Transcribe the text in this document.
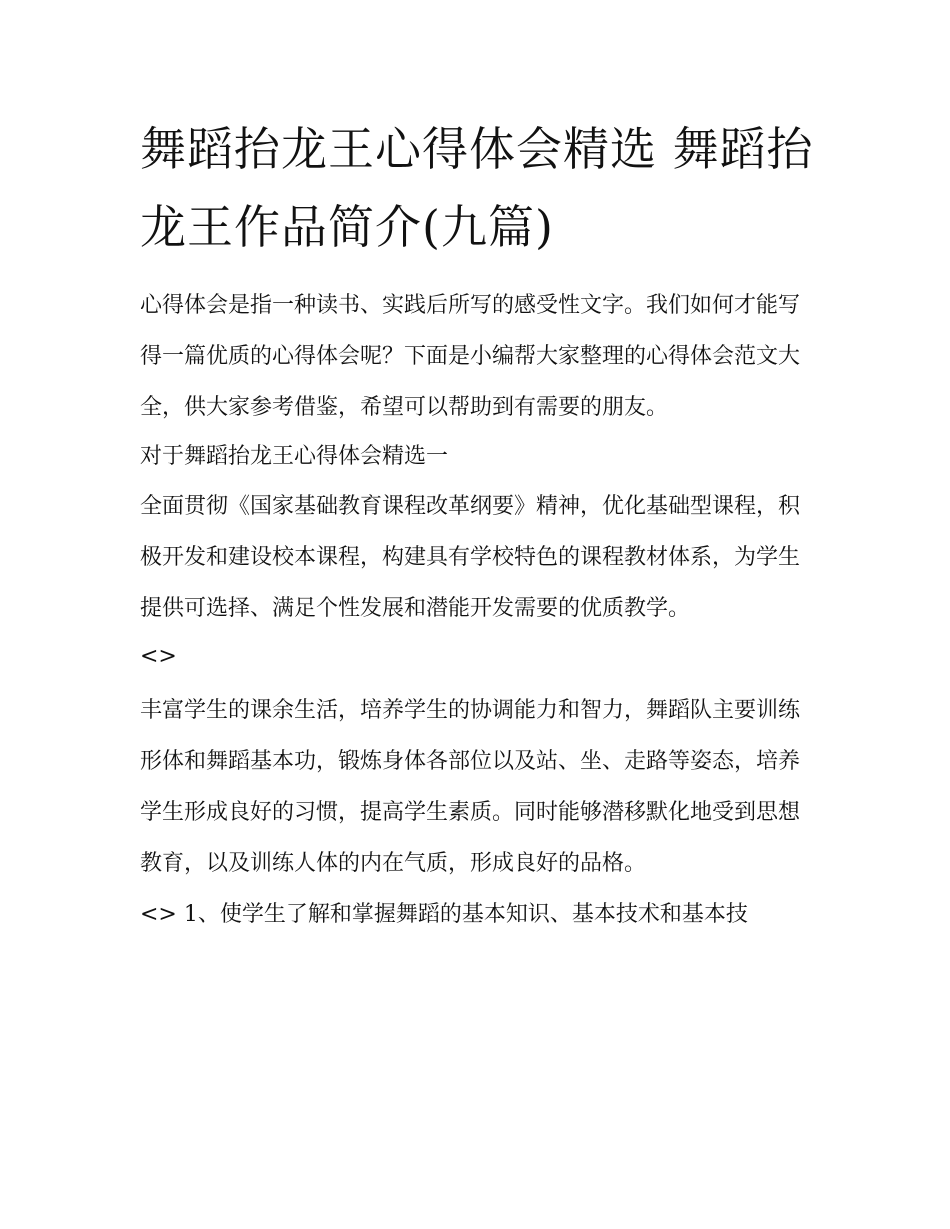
舞蹈抬龙王心得体会精选 舞蹈抬龙王作品简介(九篇)

心得体会是指一种读书、实践后所写的感受性文字。我们如何才能写得一篇优质的心得体会呢？下面是小编帮大家整理的心得体会范文大全，供大家参考借鉴，希望可以帮助到有需要的朋友。

对于舞蹈抬龙王心得体会精选一

全面贯彻《国家基础教育课程改革纲要》精神，优化基础型课程，积极开发和建设校本课程，构建具有学校特色的课程教材体系，为学生提供可选择、满足个性发展和潜能开发需要的优质教学。

<>

丰富学生的课余生活，培养学生的协调能力和智力，舞蹈队主要训练形体和舞蹈基本功，锻炼身体各部位以及站、坐、走路等姿态，培养学生形成良好的习惯，提高学生素质。同时能够潜移默化地受到思想教育，以及训练人体的内在气质，形成良好的品格。

<> 1、使学生了解和掌握舞蹈的基本知识、基本技术和基本技
